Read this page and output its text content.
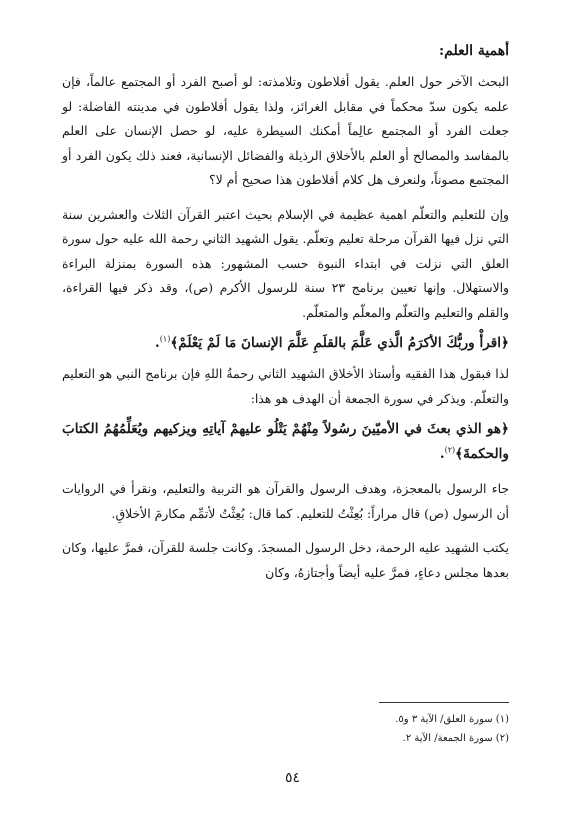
أهمية العلم:

البحث الآخر حول العلم. يقول أفلاطون وتلامذته: لو أصبح الفرد أو المجتمع عالماً، فإن علمه يكون سدّ محكماً في مقابل الغرائز، ولذا يقول أفلاطون في مدينته الفاضلة: لو جعلت الفرد أو المجتمع عالِماً أمكنك السيطرة عليه، لو حصل الإنسان على العلم بالمفاسد والمصالح أو العلم بالأخلاق الرذيلة والفضائل الإنسانية، فعند ذلك يكون الفرد أو المجتمع مصوناً، ولنعرف هل كلام أفلاطون هذا صحيح أم لا؟

وإن للتعليم والتعلّم اهمية عظيمة في الإسلام بحيث اعتبر القرآن الثلاث والعشرين سنة التي نزل فيها القرآن مرحلة تعليم وتعلّم. يقول الشهيد الثاني رحمة الله عليه حول سورة العلق التي نزلت في ابتداء النبوة حسب المشهور: هذه السورة بمنزلة البراءة والاستهلال. وإنها تعيين برنامج ٢٣ سنة للرسول الأكرم (ص)، وقد ذكر فيها القراءة، والقلم والتعليم والتعلّم والمعلّم والمتعلّم.

﴿اقرأْ وربُّكَ الأكرَمُ الَّذي عَلَّمَ بالقلَمِ عَلَّمَ الإنسانَ مَا لَمْ يَعْلَمْ﴾$^{(١)}$.

لذا فبقول هذا الفقيه وأستاذ الأخلاق الشهيد الثاني رحمةُ اللهِ فإن برنامج النبي هو التعليم والتعلّم. ويذكر في سورة الجمعة أن الهدف هو هذا:

﴿هو الذي بعثَ في الأميّينَ رسُولاً مِنْهُمْ يَتْلُو عليهمْ آياتِهِ ويزكيهم ويُعَلِّمُهُمُ الكتابَ والحكمةَ﴾$^{(٢)}$.

جاء الرسول بالمعجزة، وهدف الرسول والقرآن هو التربية والتعليم، ونقرأ في الروايات أن الرسول (ص) قال مراراً: بُعِثْتُ للتعليم. كما قال: بُعِثْتُ لأتمِّم مكارمَ الأخلاقِ.

يكتب الشهيد عليه الرحمة، دخل الرسول المسجدَ. وكانت جلسة للقرآن، فمرَّ عليها، وكان بعدها مجلس دعاءٍ، فمرَّ عليه أيضاً وأجتازهُ، وكان

(١) سورة العلق/ الآية ٣ و٥.
(٢) سورة الجمعة/ الآية ٢.
٥٤
